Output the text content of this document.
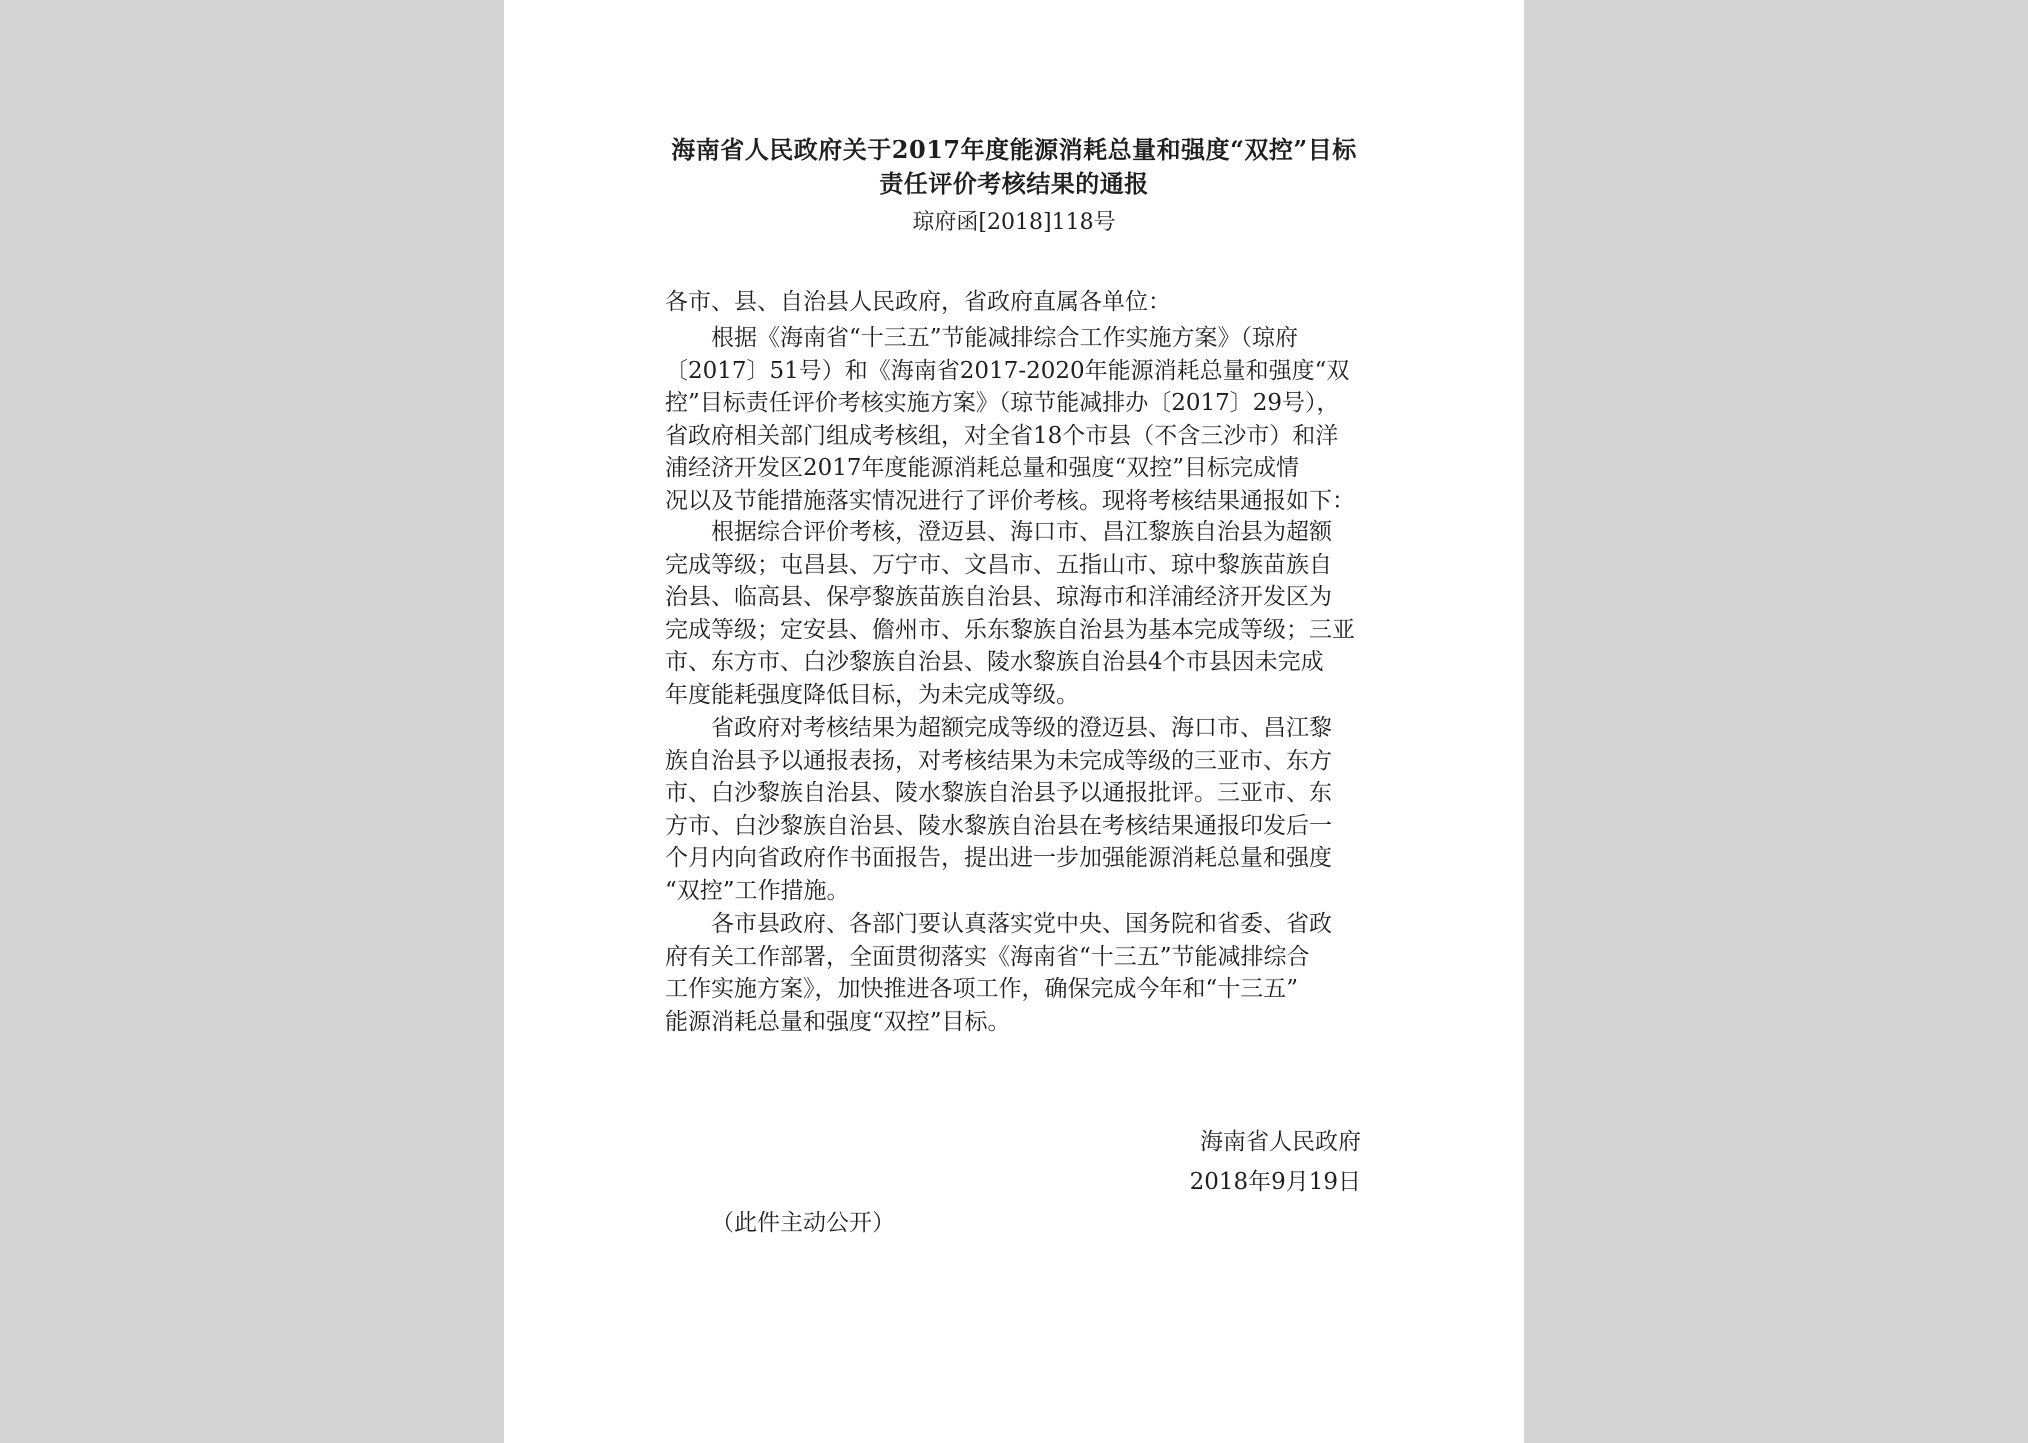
海南省人民政府关于2017年度能源消耗总量和强度“双控”目标
责任评价考核结果的通报
琼府函[2018]118号
各市、县、自治县人民政府，省政府直属各单位：
　　根据《海南省“十三五”节能减排综合工作实施方案》（琼府
〔2017〕51号）和《海南省2017-2020年能源消耗总量和强度“双
控”目标责任评价考核实施方案》（琼节能减排办〔2017〕29号），
省政府相关部门组成考核组，对全省18个市县（不含三沙市）和洋
浦经济开发区2017年度能源消耗总量和强度“双控”目标完成情
况以及节能措施落实情况进行了评价考核。现将考核结果通报如下：
　　根据综合评价考核，澄迈县、海口市、昌江黎族自治县为超额
完成等级；屯昌县、万宁市、文昌市、五指山市、琼中黎族苗族自
治县、临高县、保亭黎族苗族自治县、琼海市和洋浦经济开发区为
完成等级；定安县、儋州市、乐东黎族自治县为基本完成等级；三亚
市、东方市、白沙黎族自治县、陵水黎族自治县4个市县因未完成
年度能耗强度降低目标，为未完成等级。
　　省政府对考核结果为超额完成等级的澄迈县、海口市、昌江黎
族自治县予以通报表扬，对考核结果为未完成等级的三亚市、东方
市、白沙黎族自治县、陵水黎族自治县予以通报批评。三亚市、东
方市、白沙黎族自治县、陵水黎族自治县在考核结果通报印发后一
个月内向省政府作书面报告，提出进一步加强能源消耗总量和强度
“双控”工作措施。
　　各市县政府、各部门要认真落实党中央、国务院和省委、省政
府有关工作部署，全面贯彻落实《海南省“十三五”节能减排综合
工作实施方案》，加快推进各项工作，确保完成今年和“十三五”
能源消耗总量和强度“双控”目标。
海南省人民政府
2018年9月19日
（此件主动公开）
